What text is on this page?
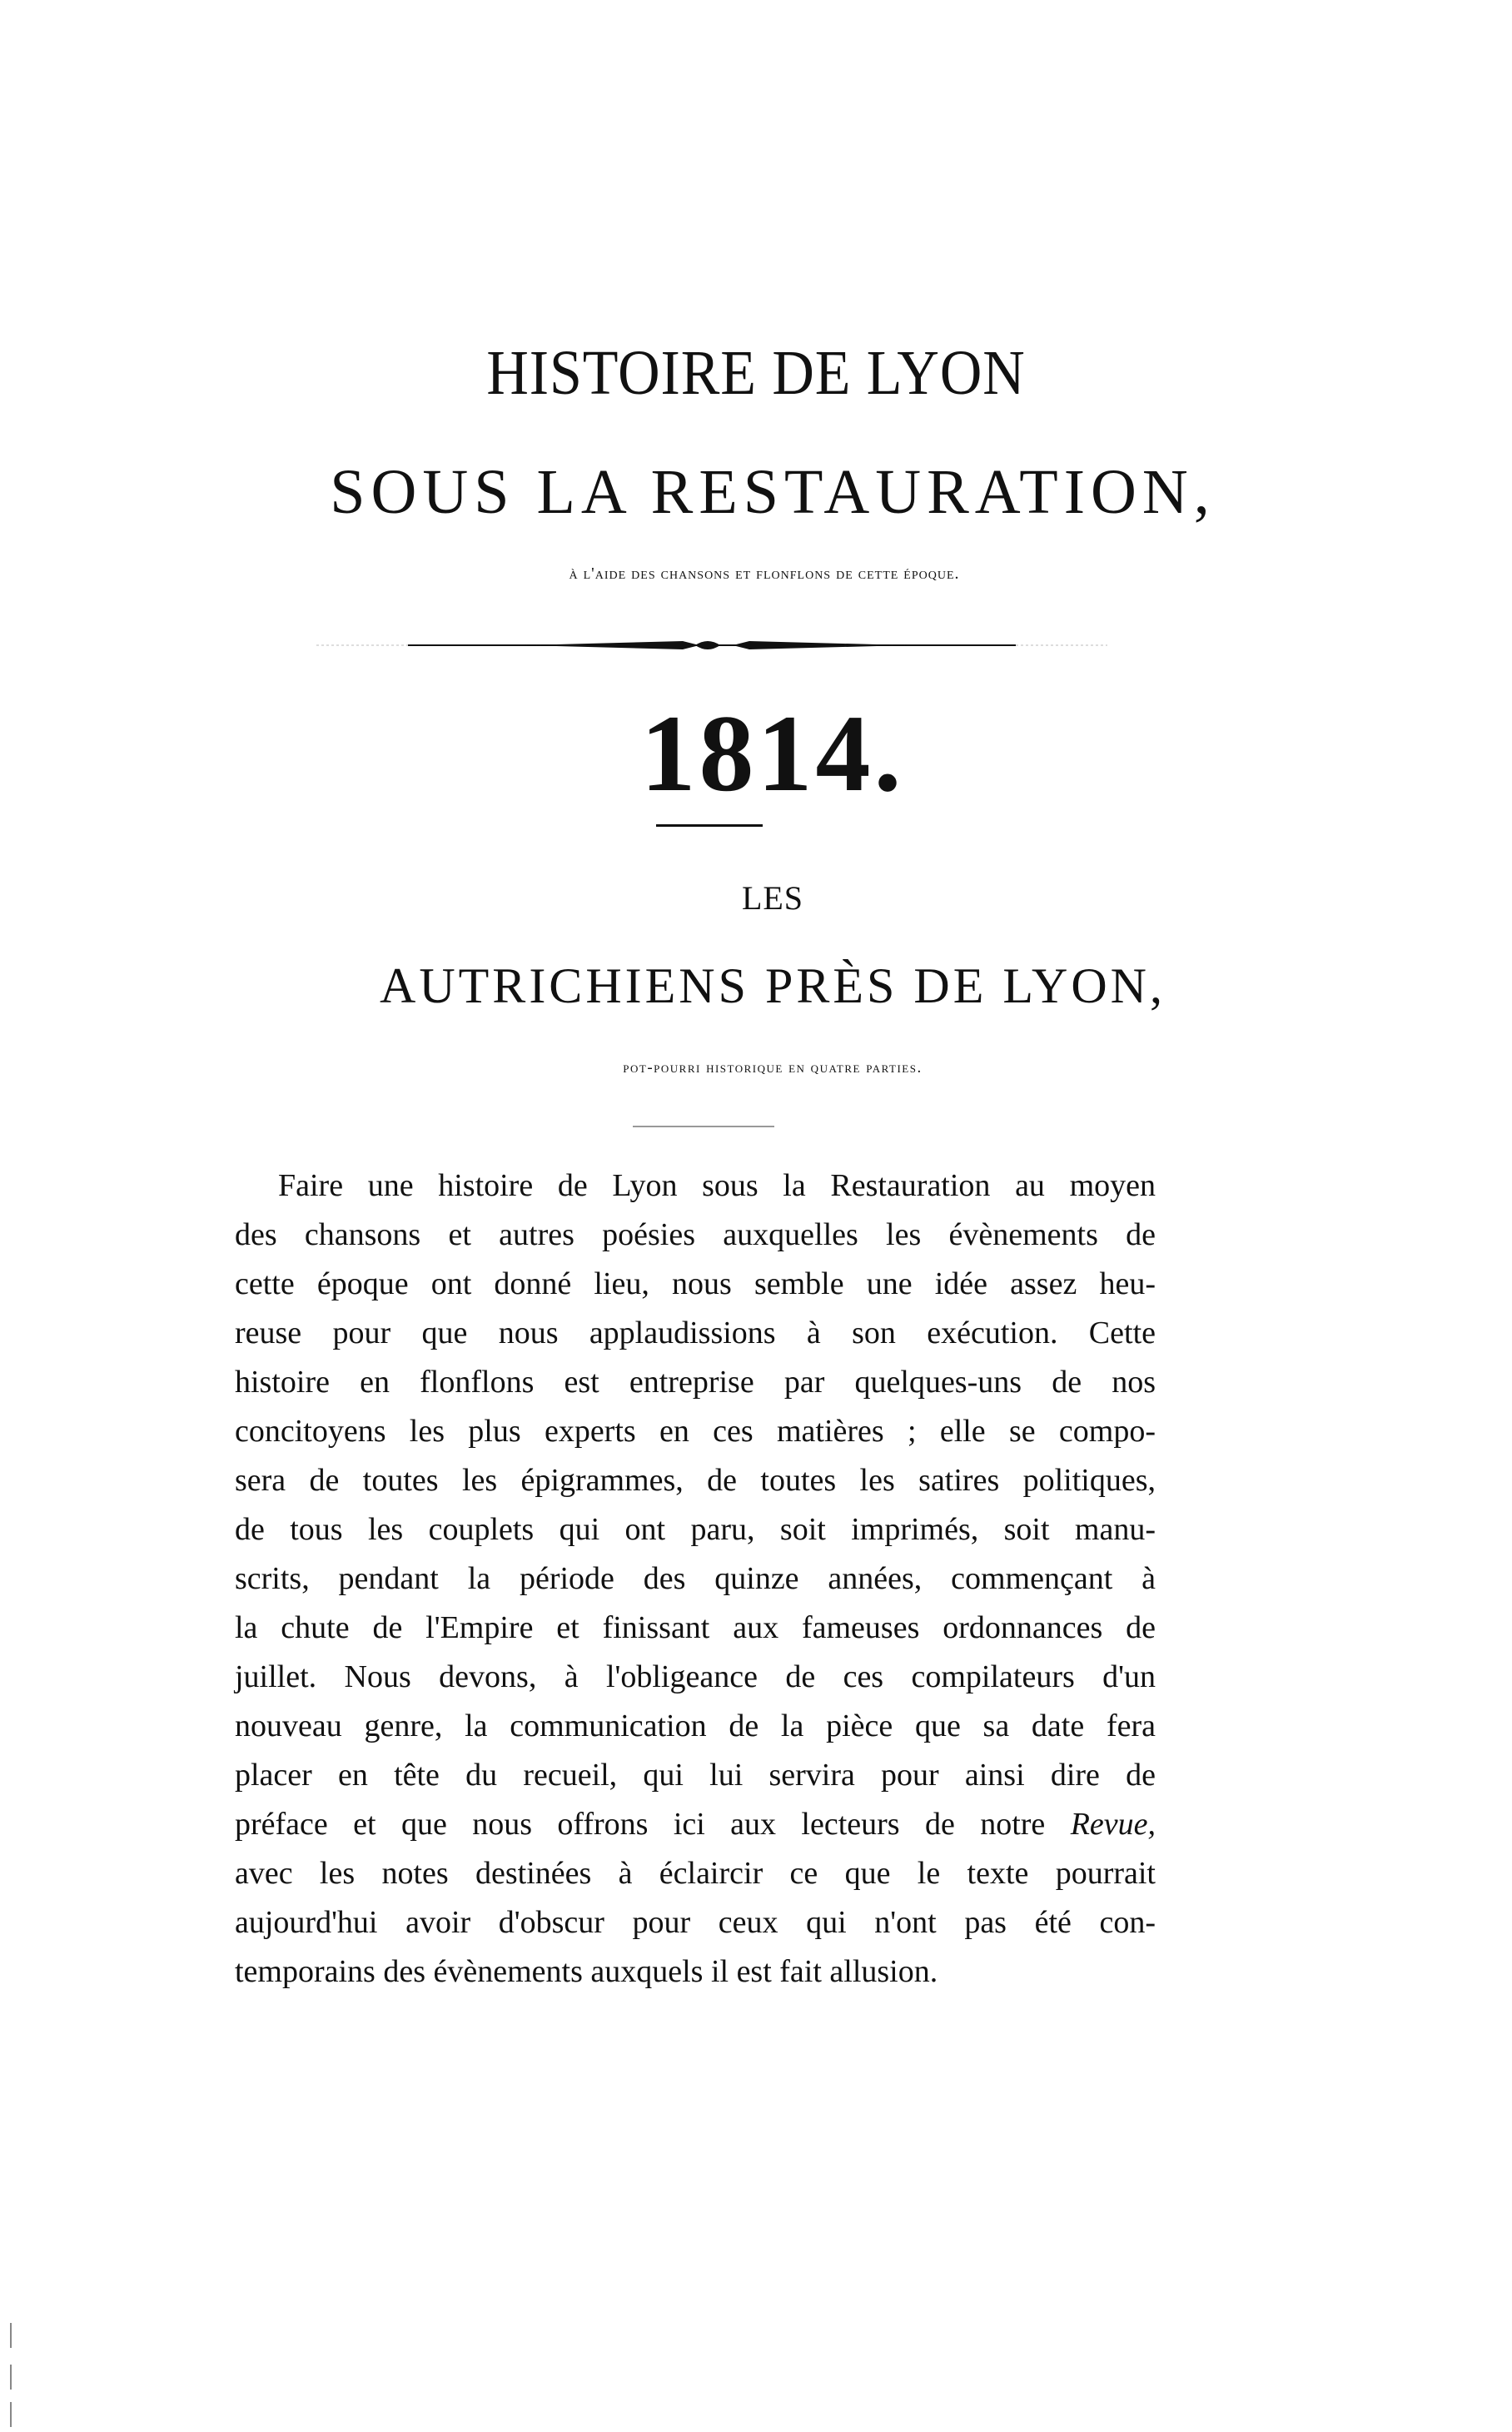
HISTOIRE DE LYON
SOUS LA RESTAURATION,
à l'aide des chansons et flonflons de cette époque.
1814.
LES
AUTRICHIENS PRÈS DE LYON,
pot-pourri historique en quatre parties.
Faire une histoire de Lyon sous la Restauration au moyen
des chansons et autres poésies auxquelles les évènements de
cette époque ont donné lieu, nous semble une idée assez heu-
reuse pour que nous applaudissions à son exécution. Cette
histoire en flonflons est entreprise par quelques-uns de nos
concitoyens les plus experts en ces matières ; elle se compo-
sera de toutes les épigrammes, de toutes les satires politiques,
de tous les couplets qui ont paru, soit imprimés, soit manu-
scrits, pendant la période des quinze années, commençant à
la chute de l'Empire et finissant aux fameuses ordonnances de
juillet. Nous devons, à l'obligeance de ces compilateurs d'un
nouveau genre, la communication de la pièce que sa date fera
placer en tête du recueil, qui lui servira pour ainsi dire de
préface et que nous offrons ici aux lecteurs de notre Revue,
avec les notes destinées à éclaircir ce que le texte pourrait
aujourd'hui avoir d'obscur pour ceux qui n'ont pas été con-
temporains des évènements auxquels il est fait allusion.
